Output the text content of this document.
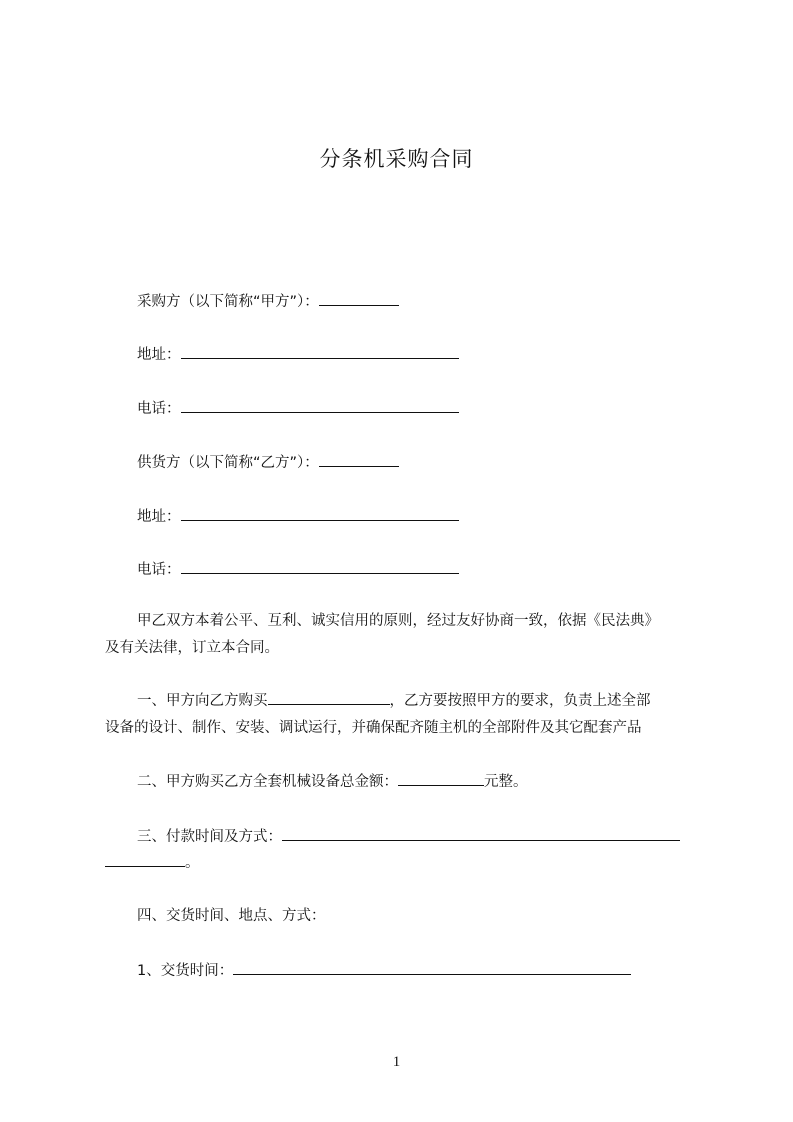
分条机采购合同
采购方（以下简称“甲方”）：
地址：
电话：
供货方（以下简称“乙方”）：
地址：
电话：
甲乙双方本着公平、互利、诚实信用的原则，经过友好协商一致，依据《民法典》
及有关法律，订立本合同。
一、甲方向乙方购买	，乙方要按照甲方的要求，负责上述全部
设备的设计、制作、安装、调试运行，并确保配齐随主机的全部附件及其它配套产品
二、甲方购买乙方全套机械设备总金额：	元整。
三、付款时间及方式：
。
四、交货时间、地点、方式：
1、交货时间：
1
